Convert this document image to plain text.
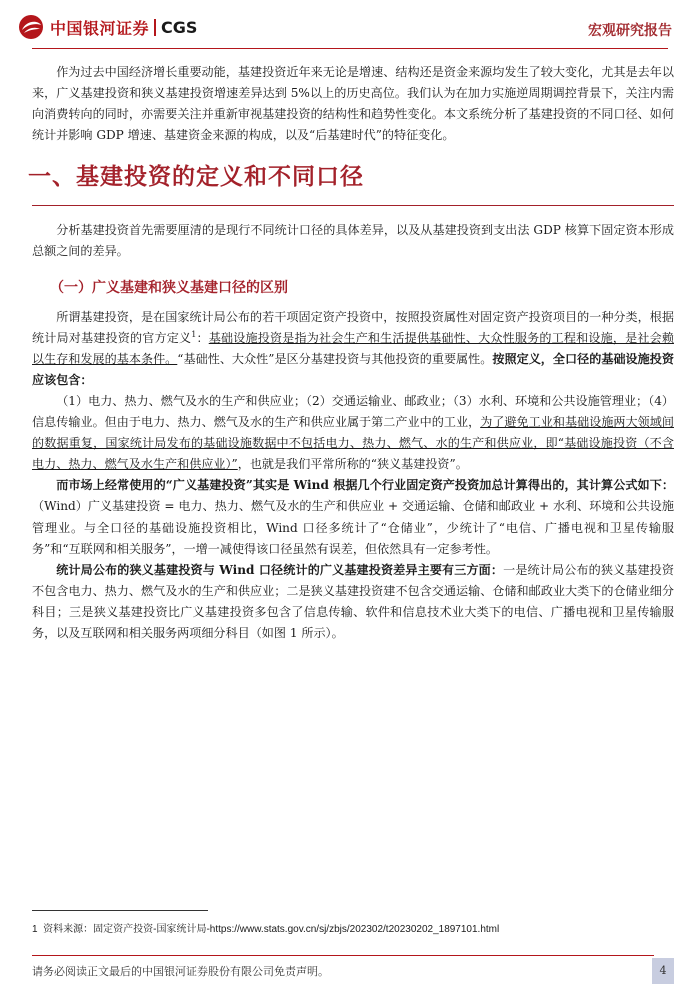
中国银河证券 CGS	宏观研究报告

作为过去中国经济增长重要动能，基建投资近年来无论是增速、结构还是资金来源均发生了较大变化，尤其是去年以来，广义基建投资和狭义基建投资增速差异达到 5%以上的历史高位。我们认为在加力实施逆周期调控背景下，关注内需向消费转向的同时，亦需要关注并重新审视基建投资的结构性和趋势性变化。本文系统分析了基建投资的不同口径、如何统计并影响 GDP 增速、基建资金来源的构成，以及“后基建时代”的特征变化。

一、基建投资的定义和不同口径

分析基建投资首先需要厘清的是现行不同统计口径的具体差异，以及从基建投资到支出法 GDP 核算下固定资本形成总额之间的差异。

（一）广义基建和狭义基建口径的区别

所谓基建投资，是在国家统计局公布的若干项固定资产投资中，按照投资属性对固定资产投资项目的一种分类，根据统计局对基建投资的官方定义$^1$：基础设施投资是指为社会生产和生活提供基础性、大众性服务的工程和设施，是社会赖以生存和发展的基本条件。“基础性、大众性”是区分基建投资与其他投资的重要属性。按照定义，全口径的基础设施投资应该包含：

（1）电力、热力、燃气及水的生产和供应业；（2）交通运输业、邮政业；（3）水利、环境和公共设施管理业；（4）信息传输业。但由于电力、热力、燃气及水的生产和供应业属于第二产业中的工业，为了避免工业和基础设施两大领域间的数据重复，国家统计局发布的基础设施数据中不包括电力、热力、燃气、水的生产和供应业，即“基础设施投资（不含电力、热力、燃气及水生产和供应业）”，也就是我们平常所称的“狭义基建投资”。

而市场上经常使用的“广义基建投资”其实是 Wind 根据几个行业固定资产投资加总计算得出的，其计算公式如下：（Wind）广义基建投资 = 电力、热力、燃气及水的生产和供应业 + 交通运输、仓储和邮政业 + 水利、环境和公共设施管理业。与全口径的基础设施投资相比，Wind 口径多统计了“仓储业”，少统计了“电信、广播电视和卫星传输服务”和“互联网和相关服务”，一增一减使得该口径虽然有误差，但依然具有一定参考性。

统计局公布的狭义基建投资与 Wind 口径统计的广义基建投资差异主要有三方面：一是统计局公布的狭义基建投资不包含电力、热力、燃气及水的生产和供应业；二是狭义基建投资建不包含交通运输、仓储和邮政业大类下的仓储业细分科目；三是狭义基建投资比广义基建投资多包含了信息传输、软件和信息技术业大类下的电信、广播电视和卫星传输服务，以及互联网和相关服务两项细分科目（如图 1 所示）。

1 资料来源：固定资产投资-国家统计局-https://www.stats.gov.cn/sj/zbjs/202302/t20230202_1897101.html
请务必阅读正文最后的中国银河证券股份有限公司免责声明。	4
